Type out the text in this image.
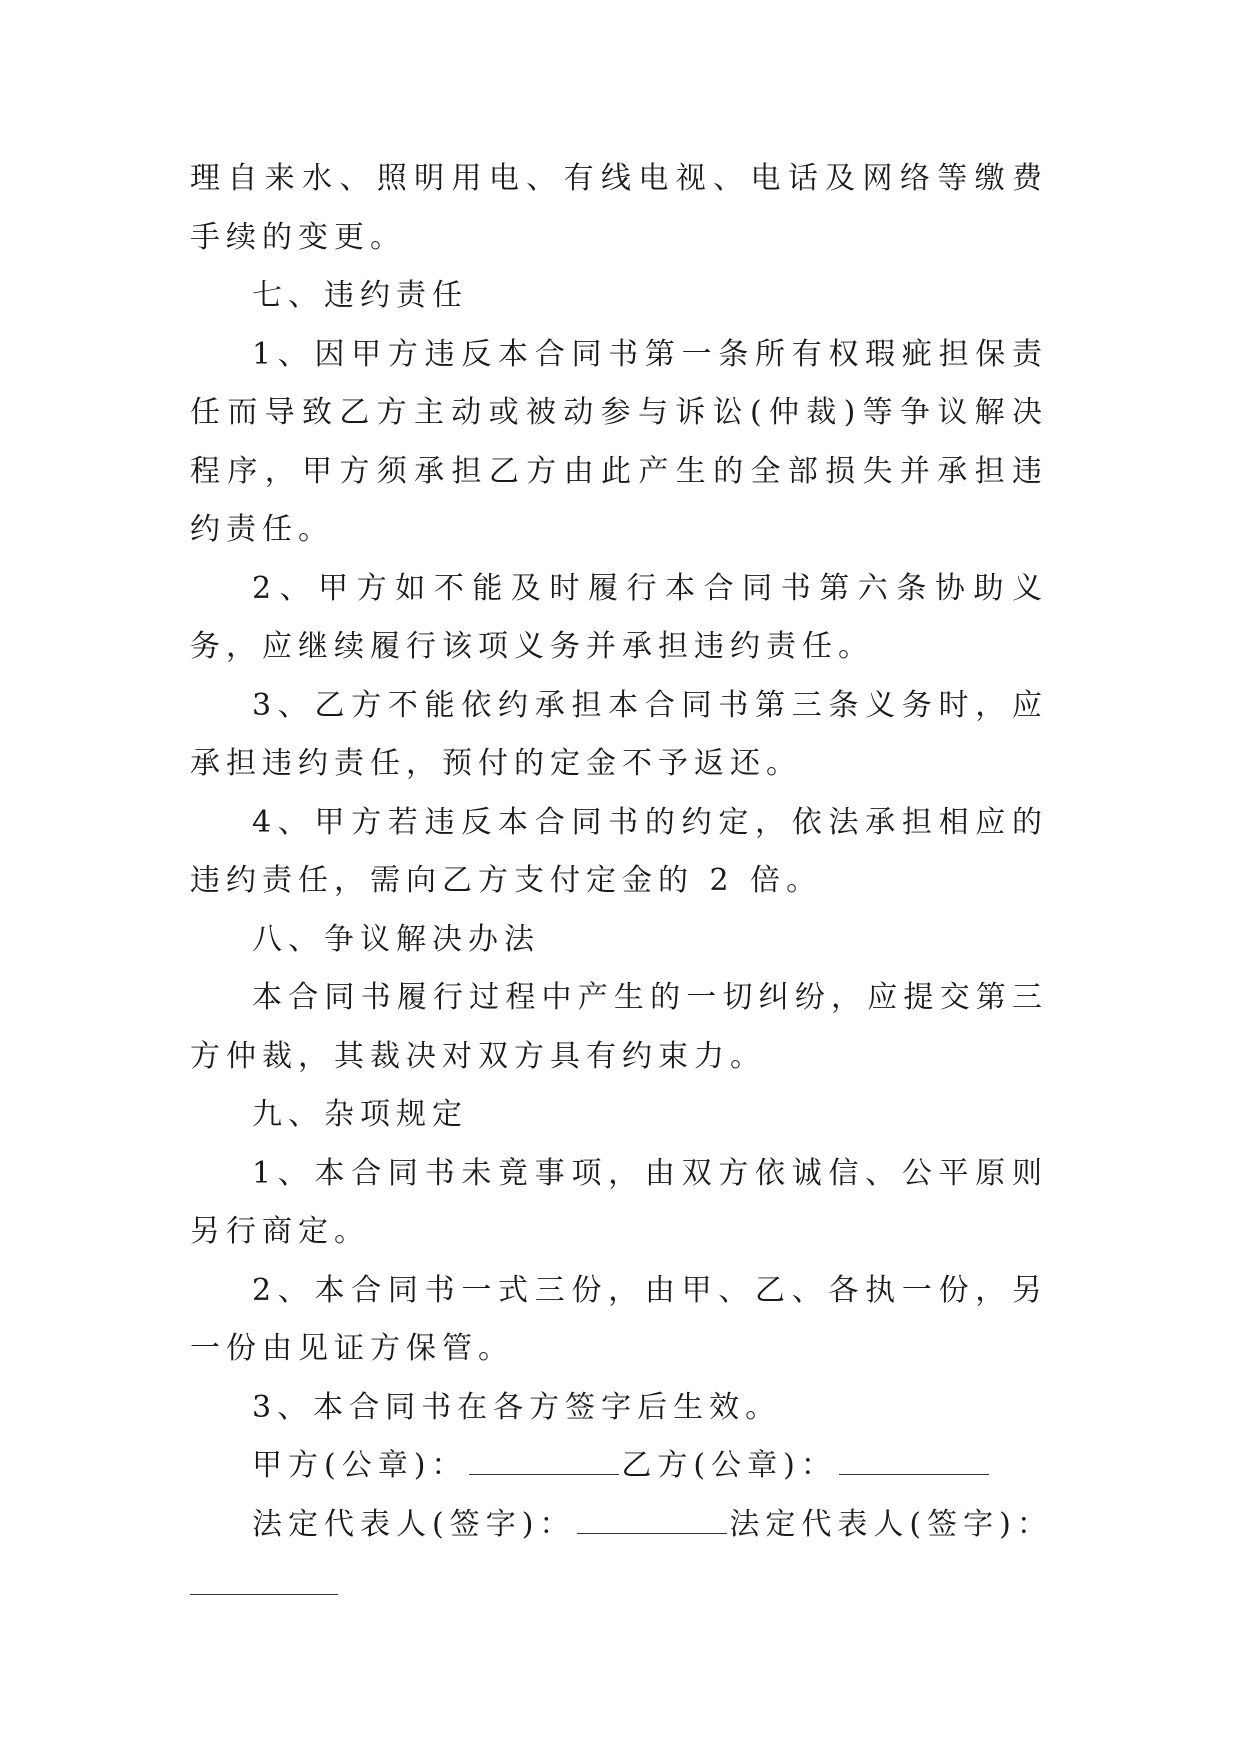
理自来水、照明用电、有线电视、电话及网络等缴费手续的变更。

七、违约责任

1、因甲方违反本合同书第一条所有权瑕疵担保责任而导致乙方主动或被动参与诉讼(仲裁)等争议解决程序，甲方须承担乙方由此产生的全部损失并承担违约责任。

2、甲方如不能及时履行本合同书第六条协助义务，应继续履行该项义务并承担违约责任。

3、乙方不能依约承担本合同书第三条义务时，应承担违约责任，预付的定金不予返还。

4、甲方若违反本合同书的约定，依法承担相应的违约责任，需向乙方支付定金的 2 倍。

八、争议解决办法

本合同书履行过程中产生的一切纠纷，应提交第三方仲裁，其裁决对双方具有约束力。

九、杂项规定

1、本合同书未竟事项，由双方依诚信、公平原则另行商定。

2、本合同书一式三份，由甲、乙、各执一份，另一份由见证方保管。

3、本合同书在各方签字后生效。

甲方(公章)：	乙方(公章)：

法定代表人(签字)：	法定代表人(签字)：
